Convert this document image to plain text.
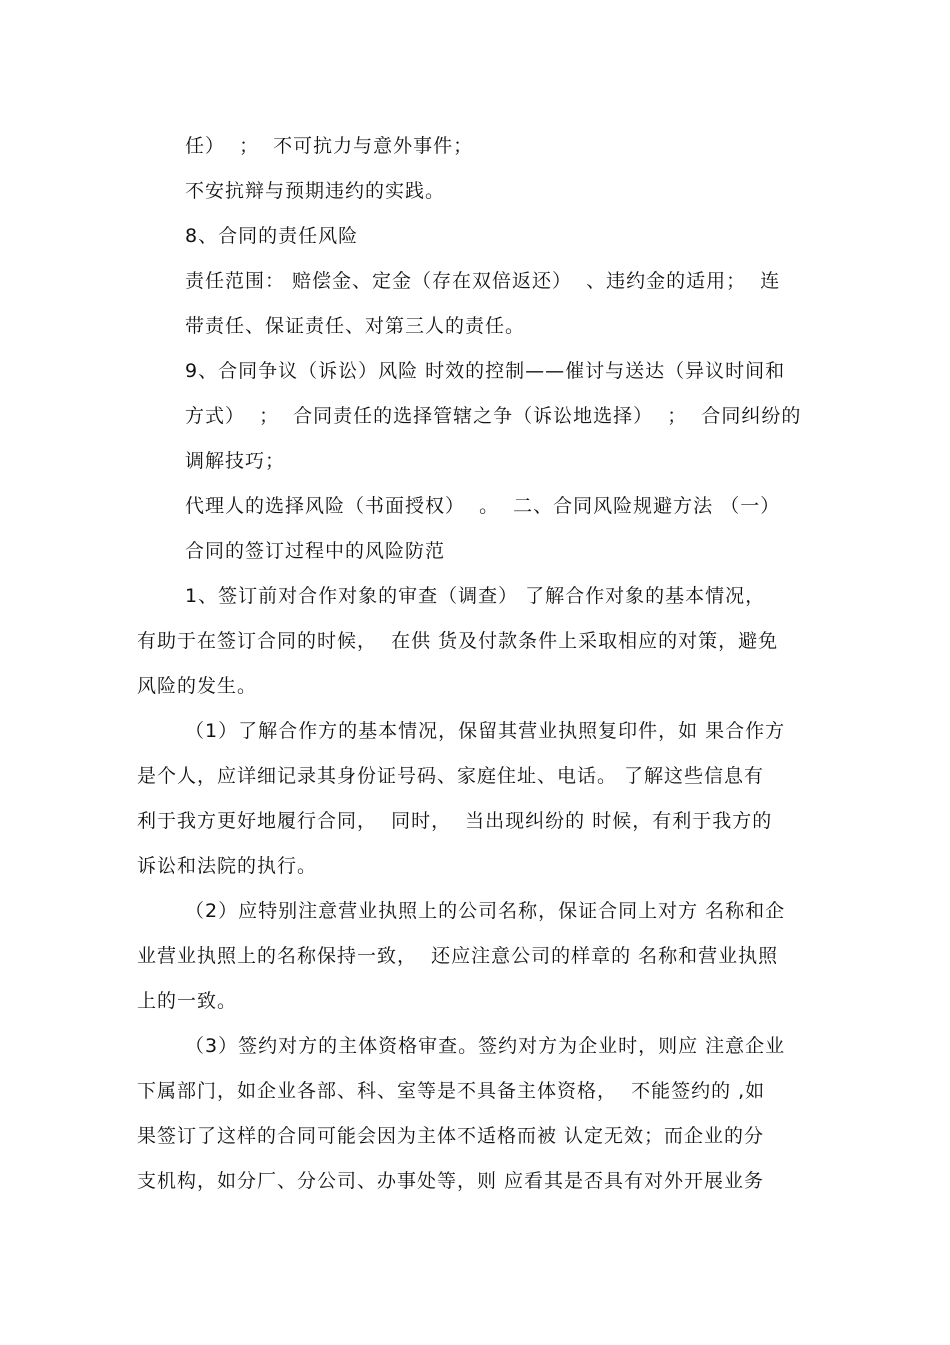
任）  ；  不可抗力与意外事件；
不安抗辩与预期违约的实践。
8、合同的责任风险
责任范围： 赔偿金、定金（存在双倍返还）  、违约金的适用；  连
带责任、保证责任、对第三人的责任。
9、合同争议（诉讼）风险 时效的控制——催讨与送达（异议时间和
方式）  ；  合同责任的选择管辖之争（诉讼地选择）  ；  合同纠纷的
调解技巧；
代理人的选择风险（书面授权）  。  二、合同风险规避方法 （一）
合同的签订过程中的风险防范
1、签订前对合作对象的审查（调查） 了解合作对象的基本情况，
有助于在签订合同的时候，  在供 货及付款条件上采取相应的对策，避免
风险的发生。
（1）了解合作方的基本情况，保留其营业执照复印件，如 果合作方
是个人，应详细记录其身份证号码、家庭住址、电话。 了解这些信息有
利于我方更好地履行合同，  同时，  当出现纠纷的 时候，有利于我方的
诉讼和法院的执行。
（2）应特别注意营业执照上的公司名称，保证合同上对方 名称和企
业营业执照上的名称保持一致，  还应注意公司的样章的 名称和营业执照
上的一致。
（3）签约对方的主体资格审查。签约对方为企业时，则应 注意企业
下属部门，如企业各部、科、室等是不具备主体资格，  不能签约的 ,如
果签订了这样的合同可能会因为主体不适格而被 认定无效；而企业的分
支机构，如分厂、分公司、办事处等，则 应看其是否具有对外开展业务
